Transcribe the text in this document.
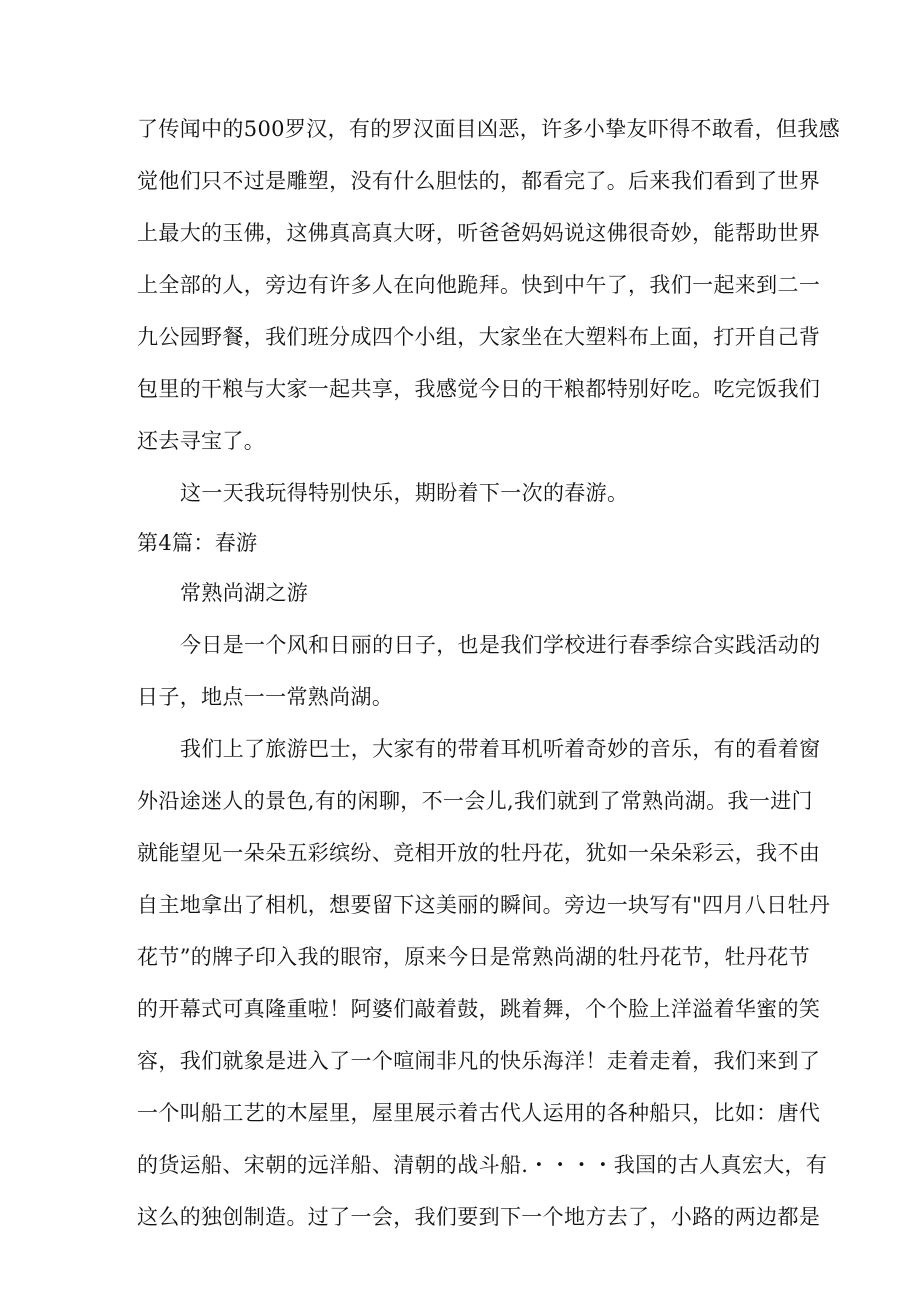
了传闻中的500罗汉，有的罗汉面目凶恶，许多小挚友吓得不敢看，但我感
觉他们只不过是雕塑，没有什么胆怯的，都看完了。后来我们看到了世界
上最大的玉佛，这佛真高真大呀，听爸爸妈妈说这佛很奇妙，能帮助世界
上全部的人，旁边有许多人在向他跪拜。快到中午了，我们一起来到二一
九公园野餐，我们班分成四个小组，大家坐在大塑料布上面，打开自己背
包里的干粮与大家一起共享，我感觉今日的干粮都特别好吃。吃完饭我们
还去寻宝了。
这一天我玩得特别快乐，期盼着下一次的春游。
第4篇：春游
常熟尚湖之游
今日是一个风和日丽的日子，也是我们学校进行春季综合实践活动的
日子，地点一一常熟尚湖。
我们上了旅游巴士，大家有的带着耳机听着奇妙的音乐，有的看着窗
外沿途迷人的景色,有的闲聊，不一会儿,我们就到了常熟尚湖。我一进门
就能望见一朵朵五彩缤纷、竞相开放的牡丹花，犹如一朵朵彩云，我不由
自主地拿出了相机，想要留下这美丽的瞬间。旁边一块写有"四月八日牡丹
花节”的牌子印入我的眼帘，原来今日是常熟尚湖的牡丹花节，牡丹花节
的开幕式可真隆重啦！阿婆们敲着鼓，跳着舞，个个脸上洋溢着华蜜的笑
容，我们就象是进入了一个喧闹非凡的快乐海洋！走着走着，我们来到了
一个叫船工艺的木屋里，屋里展示着古代人运用的各种船只，比如：唐代
的货运船、宋朝的远洋船、清朝的战斗船.・・・・我国的古人真宏大，有
这么的独创制造。过了一会，我们要到下一个地方去了，小路的两边都是
